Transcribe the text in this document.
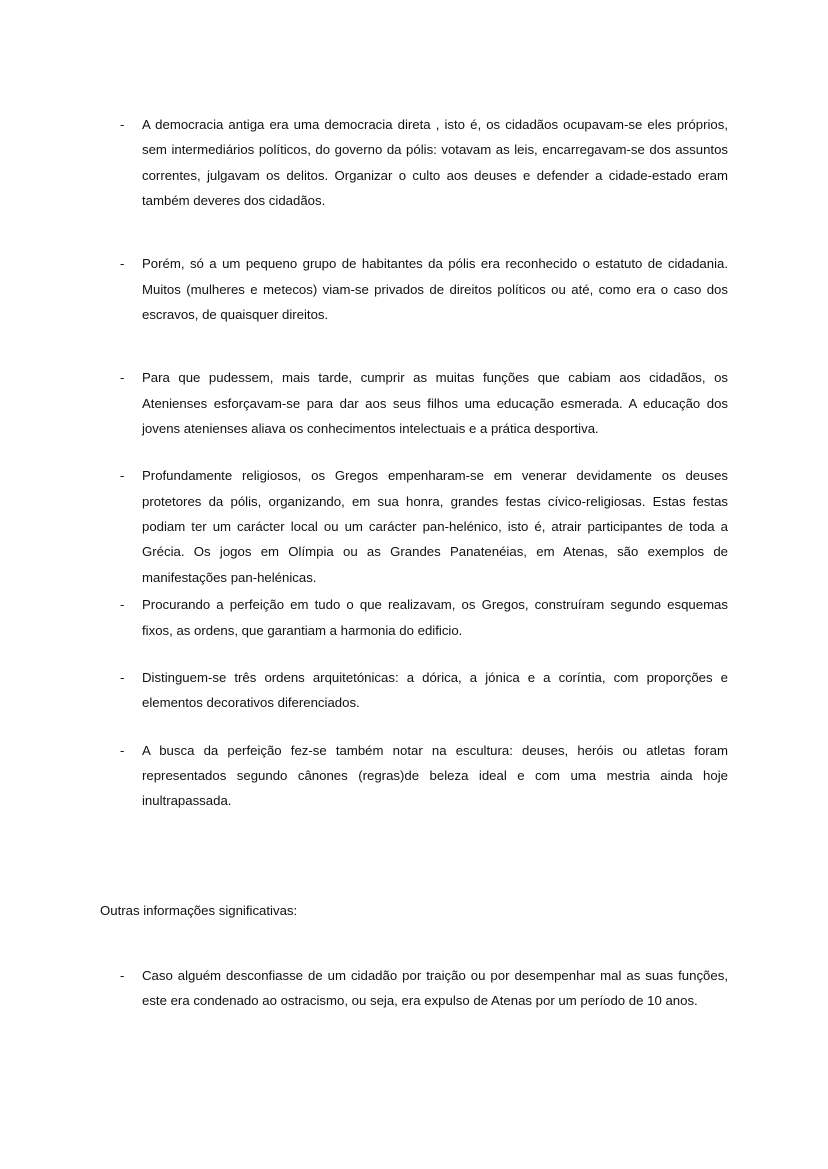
- A democracia antiga era uma democracia direta , isto é, os cidadãos ocupavam-se eles próprios, sem intermediários políticos, do governo da pólis: votavam as leis, encarregavam-se dos assuntos correntes, julgavam os delitos. Organizar o culto aos deuses e defender a cidade-estado eram também deveres dos cidadãos.
- Porém, só a um pequeno grupo de habitantes da pólis era reconhecido o estatuto de cidadania. Muitos (mulheres e metecos) viam-se privados de direitos políticos ou até, como era o caso dos escravos, de quaisquer direitos.
- Para que pudessem, mais tarde, cumprir as muitas funções que cabiam aos cidadãos, os Atenienses esforçavam-se para dar aos seus filhos uma educação esmerada. A educação dos jovens atenienses aliava os conhecimentos intelectuais e a prática desportiva.
- Profundamente religiosos, os Gregos empenharam-se em venerar devidamente os deuses protetores da pólis, organizando, em sua honra, grandes festas cívico-religiosas. Estas festas podiam ter um carácter local ou um carácter pan-helénico, isto é, atrair participantes de toda a Grécia. Os jogos em Olímpia ou as Grandes Panatenéias, em Atenas, são exemplos de manifestações pan-helénicas.
- Procurando a perfeição em tudo o que realizavam, os Gregos, construíram segundo esquemas fixos, as ordens, que garantiam a harmonia do edificio.
- Distinguem-se três ordens arquitetónicas: a dórica, a jónica e a coríntia, com proporções e elementos decorativos diferenciados.
- A busca da perfeição fez-se também notar na escultura: deuses, heróis ou atletas foram representados segundo cânones (regras)de beleza ideal e com uma mestria ainda hoje inultrapassada.

Outras informações significativas:

- Caso alguém desconfiasse de um cidadão por traição ou por desempenhar mal as suas funções, este era condenado ao ostracismo, ou seja, era expulso de Atenas por um período de 10 anos.
